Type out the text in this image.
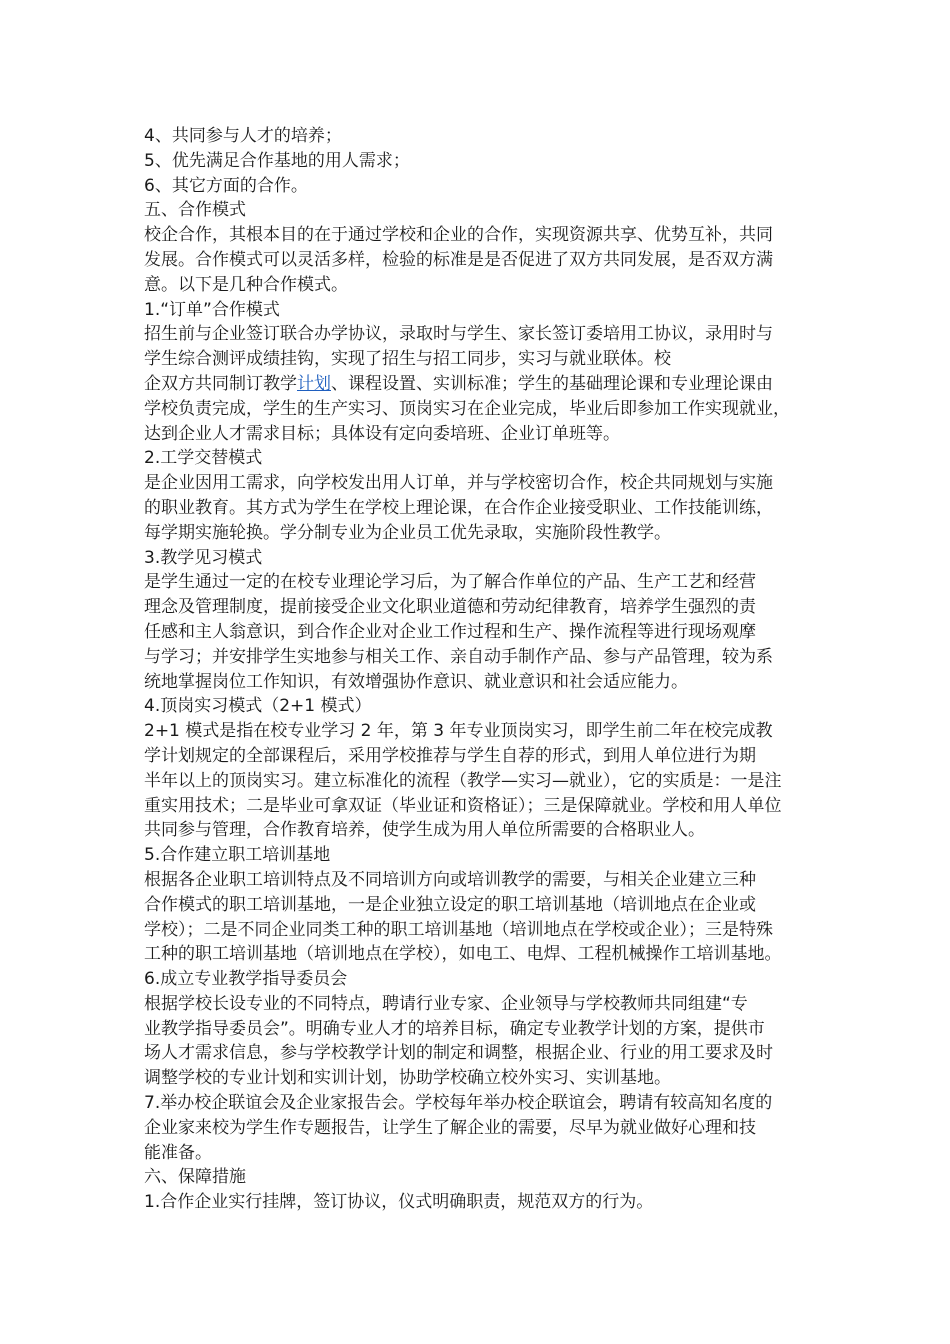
4、共同参与人才的培养；
5、优先满足合作基地的用人需求；
6、其它方面的合作。
五、合作模式
校企合作，其根本目的在于通过学校和企业的合作，实现资源共享、优势互补，共同
发展。合作模式可以灵活多样，检验的标准是是否促进了双方共同发展，是否双方满
意。以下是几种合作模式。
1.“订单”合作模式
招生前与企业签订联合办学协议，录取时与学生、家长签订委培用工协议，录用时与
学生综合测评成绩挂钩，实现了招生与招工同步，实习与就业联体。校
企双方共同制订教学计划、课程设置、实训标准；学生的基础理论课和专业理论课由
学校负责完成，学生的生产实习、顶岗实习在企业完成，毕业后即参加工作实现就业，
达到企业人才需求目标；具体设有定向委培班、企业订单班等。
2.工学交替模式
是企业因用工需求，向学校发出用人订单，并与学校密切合作，校企共同规划与实施
的职业教育。其方式为学生在学校上理论课，在合作企业接受职业、工作技能训练，
每学期实施轮换。学分制专业为企业员工优先录取，实施阶段性教学。
3.教学见习模式
是学生通过一定的在校专业理论学习后，为了解合作单位的产品、生产工艺和经营
理念及管理制度，提前接受企业文化职业道德和劳动纪律教育，培养学生强烈的责
任感和主人翁意识，到合作企业对企业工作过程和生产、操作流程等进行现场观摩
与学习；并安排学生实地参与相关工作、亲自动手制作产品、参与产品管理，较为系
统地掌握岗位工作知识，有效增强协作意识、就业意识和社会适应能力。
4.顶岗实习模式（2+1 模式）
2+1 模式是指在校专业学习 2 年，第 3 年专业顶岗实习，即学生前二年在校完成教
学计划规定的全部课程后，采用学校推荐与学生自荐的形式，到用人单位进行为期
半年以上的顶岗实习。建立标准化的流程（教学—实习—就业），它的实质是：一是注
重实用技术；二是毕业可拿双证（毕业证和资格证）；三是保障就业。学校和用人单位
共同参与管理，合作教育培养，使学生成为用人单位所需要的合格职业人。
5.合作建立职工培训基地
根据各企业职工培训特点及不同培训方向或培训教学的需要，与相关企业建立三种
合作模式的职工培训基地，一是企业独立设定的职工培训基地（培训地点在企业或
学校）；二是不同企业同类工种的职工培训基地（培训地点在学校或企业）；三是特殊
工种的职工培训基地（培训地点在学校），如电工、电焊、工程机械操作工培训基地。
6.成立专业教学指导委员会
根据学校长设专业的不同特点，聘请行业专家、企业领导与学校教师共同组建“专
业教学指导委员会”。明确专业人才的培养目标，确定专业教学计划的方案，提供市
场人才需求信息，参与学校教学计划的制定和调整，根据企业、行业的用工要求及时
调整学校的专业计划和实训计划，协助学校确立校外实习、实训基地。
7.举办校企联谊会及企业家报告会。学校每年举办校企联谊会，聘请有较高知名度的
企业家来校为学生作专题报告，让学生了解企业的需要，尽早为就业做好心理和技
能准备。
六、保障措施
1.合作企业实行挂牌，签订协议，仪式明确职责，规范双方的行为。
